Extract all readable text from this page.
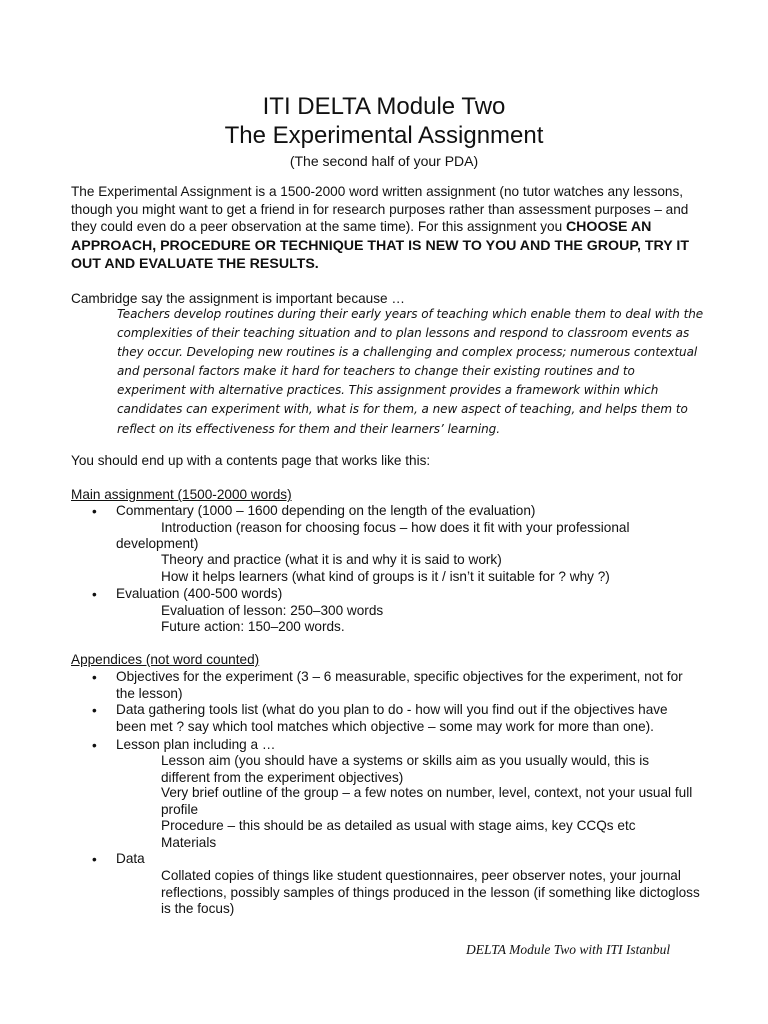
ITI DELTA Module Two
The Experimental Assignment
(The second half of your PDA)
The Experimental Assignment is a 1500-2000 word written assignment (no tutor watches any lessons, though you might want to get a friend in for research purposes rather than assessment purposes – and they could even do a peer observation at the same time). For this assignment you CHOOSE AN APPROACH, PROCEDURE OR TECHNIQUE THAT IS NEW TO YOU AND THE GROUP, TRY IT OUT AND EVALUATE THE RESULTS.
Cambridge say the assignment is important because …
Teachers develop routines during their early years of teaching which enable them to deal with the complexities of their teaching situation and to plan lessons and respond to classroom events as they occur. Developing new routines is a challenging and complex process; numerous contextual and personal factors make it hard for teachers to change their existing routines and to experiment with alternative practices. This assignment provides a framework within which candidates can experiment with, what is for them, a new aspect of teaching, and helps them to reflect on its effectiveness for them and their learners’ learning.
You should end up with a contents page that works like this:
Main assignment (1500-2000 words)
• Commentary (1000 – 1600 depending on the length of the evaluation)
Introduction (reason for choosing focus – how does it fit with your professional
development)
Theory and practice (what it is and why it is said to work)
How it helps learners (what kind of groups is it / isn’t it suitable for ? why ?)
• Evaluation (400-500 words)
Evaluation of lesson: 250–300 words
Future action: 150–200 words.
Appendices (not word counted)
• Objectives for the experiment (3 – 6 measurable, specific objectives for the experiment, not for the lesson)
• Data gathering tools list (what do you plan to do - how will you find out if the objectives have been met ? say which tool matches which objective – some may work for more than one).
• Lesson plan including a …
Lesson aim (you should have a systems or skills aim as you usually would, this is different from the experiment objectives)
Very brief outline of the group – a few notes on number, level, context, not your usual full profile
Procedure – this should be as detailed as usual with stage aims, key CCQs etc
Materials
• Data
Collated copies of things like student questionnaires, peer observer notes, your journal reflections, possibly samples of things produced in the lesson (if something like dictogloss is the focus)
DELTA Module Two with ITI Istanbul
